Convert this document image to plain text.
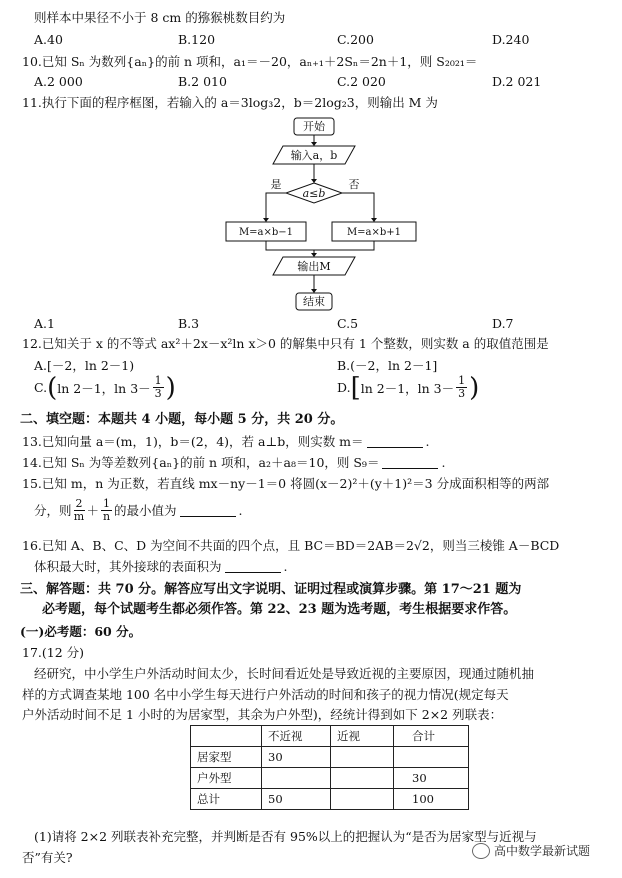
则样本中果径不小于 8 cm 的猕猴桃数目约为
A.40	B.120	C.200	D.240
10.已知 Sₙ 为数列{aₙ}的前 n 项和，a₁＝－20，aₙ₊₁＋2Sₙ＝2n＋1，则 S₂₀₂₁＝
A.2 000	B.2 010	C.2 020	D.2 021
11.执行下面的程序框图，若输入的 a＝3log₃2，b＝2log₂3，则输出 M 为
开始
输入a，b
a≤b
是	否
M=a×b−1	M=a×b+1
输出M
结束
A.1	B.3	C.5	D.7
12.已知关于 x 的不等式 ax²＋2x－x²ln x＞0 的解集中只有 1 个整数，则实数 a 的取值范围是
A.[－2，ln 2－1)	B.(－2，ln 2－1]
C. ( ln 2－1，$\ln 3- \frac{1}{3}$ )	D. [ ln 2－1，$\ln 3- \frac{1}{3}$ )
二、填空题：本题共 4 小题，每小题 5 分，共 20 分。
13.已知向量 a＝(m，1)，b＝(2，4)，若 a⊥b，则实数 m＝	.
14.已知 Sₙ 为等差数列{aₙ}的前 n 项和，a₂＋a₈＝10，则 S₉＝	.
15.已知 m，n 为正数，若直线 mx－ny－1＝0 将圆(x－2)²＋(y＋1)²＝3 分成面积相等的两部
分，则 $\frac{2}{m} + \frac{1}{n}$ 的最小值为	.
16.已知 A、B、C、D 为空间不共面的四个点，且 BC＝BD＝2AB＝2√2，则当三棱锥 A－BCD
体积最大时，其外接球的表面积为	.
三、解答题：共 70 分。解答应写出文字说明、证明过程或演算步骤。第 17～21 题为
必考题，每个试题考生都必须作答。第 22、23 题为选考题，考生根据要求作答。
(一)必考题：60 分。
17.(12 分)
经研究，中小学生户外活动时间太少，长时间看近处是导致近视的主要原因，现通过随机抽
样的方式调查某地 100 名中小学生每天进行户外活动的时间和孩子的视力情况(规定每天
户外活动时间不足 1 小时的为居家型，其余为户外型)，经统计得到如下 2×2 列联表：
	不近视	近视	合计
居家型	30		
户外型			30
总计	50		100
(1)请将 2×2 列联表补充完整，并判断是否有 95%以上的把握认为“是否为居家型与近视与
否”有关?	高中数学最新试题
